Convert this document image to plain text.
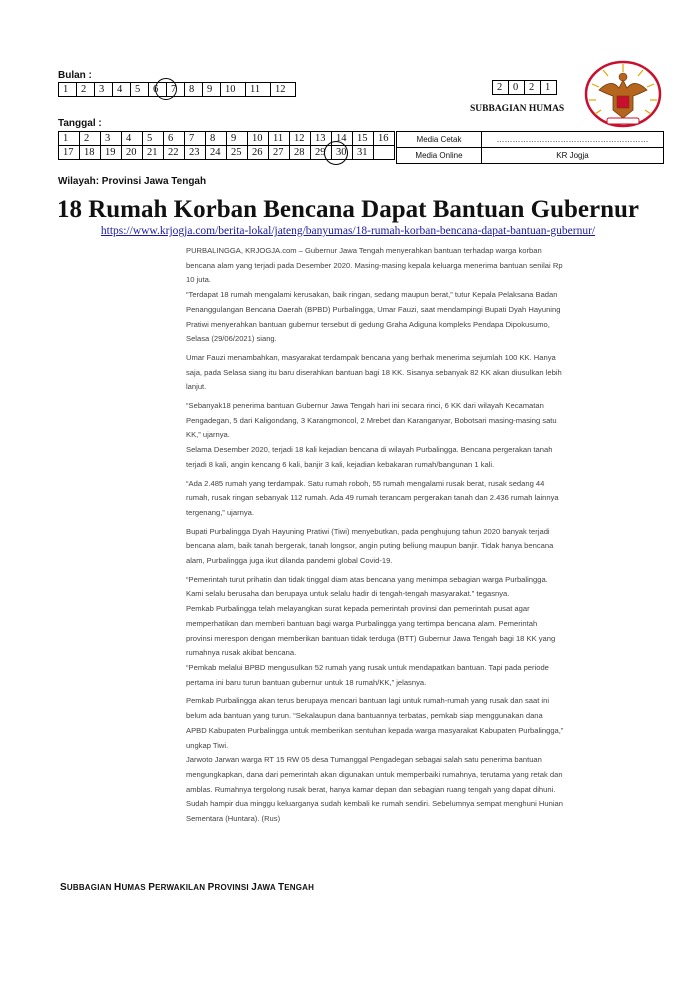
Bulan :
1	2	3	4	5	6	7	8	9	10	11	12	2	0	2	1
SUBBAGIAN HUMAS
Tanggal :
1	2	3	4	5	6	7	8	9	10	11	12	13	14	15	16
17	18	19	20	21	22	23	24	25	26	27	28	29	30	31	
Media Cetak	…………………………………………………
Media Online	KR Jogja
Wilayah: Provinsi Jawa Tengah
18 Rumah Korban Bencana Dapat Bantuan Gubernur
https://www.krjogja.com/berita-lokal/jateng/banyumas/18-rumah-korban-bencana-dapat-bantuan-gubernur/

PURBALINGGA, KRJOGJA.com – Gubernur Jawa Tengah menyerahkan bantuan terhadap warga korban bencana alam yang terjadi pada Desember 2020. Masing-masing kepala keluarga menerima bantuan senilai Rp 10 juta.

“Terdapat 18 rumah mengalami kerusakan, baik ringan, sedang maupun berat,” tutur Kepala Pelaksana Badan Penanggulangan Bencana Daerah (BPBD) Purbalingga, Umar Fauzi, saat mendampingi Bupati Dyah Hayuning Pratiwi menyerahkan bantuan gubernur tersebut di gedung Graha Adiguna kompleks Pendapa Dipokusumo, Selasa (29/06/2021) siang.

Umar Fauzi menambahkan, masyarakat terdampak bencana yang berhak menerima sejumlah 100 KK. Hanya saja, pada Selasa siang itu baru diserahkan bantuan bagi 18 KK. Sisanya sebanyak 82 KK akan diusulkan lebih lanjut.

“Sebanyak18 penerima bantuan Gubernur Jawa Tengah hari ini secara rinci, 6 KK dari wilayah Kecamatan Pengadegan, 5 dari Kaligondang, 3 Karangmoncol, 2 Mrebet dan Karanganyar, Bobotsari masing-masing satu KK,” ujarnya.

Selama Desember 2020, terjadi 18 kali kejadian bencana di wilayah Purbalingga. Bencana pergerakan tanah terjadi 8 kali, angin kencang 6 kali, banjir 3 kali, kejadian kebakaran rumah/bangunan 1 kali.

“Ada 2.485 rumah yang terdampak. Satu rumah roboh, 55 rumah mengalami rusak berat, rusak sedang 44 rumah, rusak ringan sebanyak 112 rumah. Ada 49 rumah terancam pergerakan tanah dan 2.436 rumah lainnya tergenang,” ujarnya.

Bupati Purbalingga Dyah Hayuning Pratiwi (Tiwi) menyebutkan, pada penghujung tahun 2020 banyak terjadi bencana alam, baik tanah bergerak, tanah longsor, angin puting beliung maupun banjir. Tidak hanya bencana alam, Purbalingga juga ikut dilanda pandemi global Covid-19.

“Pemerintah turut prihatin dan tidak tinggal diam atas bencana yang menimpa sebagian warga Purbalingga. Kami selalu berusaha dan berupaya untuk selalu hadir di tengah-tengah masyarakat.” tegasnya.

Pemkab Purbalingga telah melayangkan surat kepada pemerintah provinsi dan pemerintah pusat agar memperhatikan dan memberi bantuan bagi warga Purbalingga yang tertimpa bencana alam. Pemerintah provinsi merespon dengan memberikan bantuan tidak terduga (BTT) Gubernur Jawa Tengah bagi 18 KK yang rumahnya rusak akibat bencana.

“Pemkab melalui BPBD mengusulkan 52 rumah yang rusak untuk mendapatkan bantuan. Tapi pada periode pertama ini baru turun bantuan gubernur untuk 18 rumah/KK,” jelasnya.

Pemkab Purbalingga akan terus berupaya mencari bantuan lagi untuk rumah-rumah yang rusak dan saat ini belum ada bantuan yang turun. “Sekalaupun dana bantuannya terbatas, pemkab siap menggunakan dana APBD Kabupaten Purbalingga untuk memberikan sentuhan kepada warga masyarakat Kabupaten Purbalingga,” ungkap Tiwi.

Jarwoto Jarwan warga RT 15 RW 05 desa Tumanggal Pengadegan sebagai salah satu penerima bantuan mengungkapkan, dana dari pemerintah akan digunakan untuk memperbaiki rumahnya, terutama yang retak dan amblas. Rumahnya tergolong rusak berat, hanya kamar depan dan sebagian ruang tengah yang dapat dihuni.

Sudah hampir dua minggu keluarganya sudah kembali ke rumah sendiri. Sebelumnya sempat menghuni Hunian Sementara (Huntara). (Rus)

SUBBAGIAN HUMAS PERWAKILAN PROVINSI JAWA TENGAH
